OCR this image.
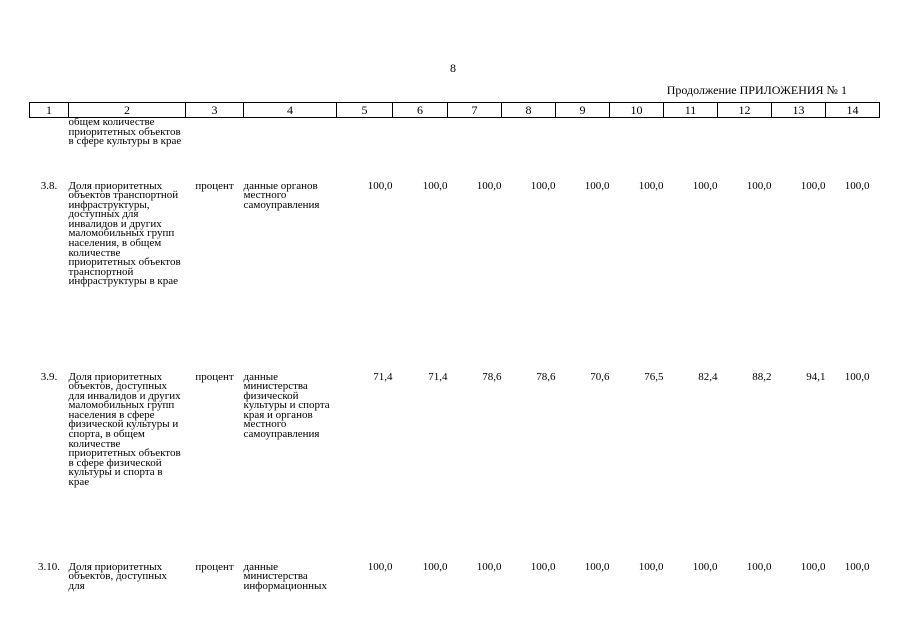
8
Продолжение ПРИЛОЖЕНИЯ № 1
1	2	3	4	5	6	7	8	9	10	11	12	13	14
	общем количестве приоритетных объектов в сфере культуры в крае												
3.8.	Доля приоритетных объектов транспортной инфраструктуры, доступных для инвалидов и других маломобильных групп населения, в общем количестве приоритетных объектов транспортной инфраструктуры в крае	процент	данные органов местного самоуправления	100,0	100,0	100,0	100,0	100,0	100,0	100,0	100,0	100,0	100,0
3.9.	Доля приоритетных объектов, доступных для инвалидов и других маломобильных групп населения в сфере физической культуры и спорта, в общем количестве приоритетных объектов в сфере физической культуры и спорта в крае	процент	данные министерства физической культуры и спорта края и органов местного самоуправления	71,4	71,4	78,6	78,6	70,6	76,5	82,4	88,2	94,1	100,0
3.10.	Доля приоритетных объектов, доступных для	процент	данные министерства информационных	100,0	100,0	100,0	100,0	100,0	100,0	100,0	100,0	100,0	100,0
